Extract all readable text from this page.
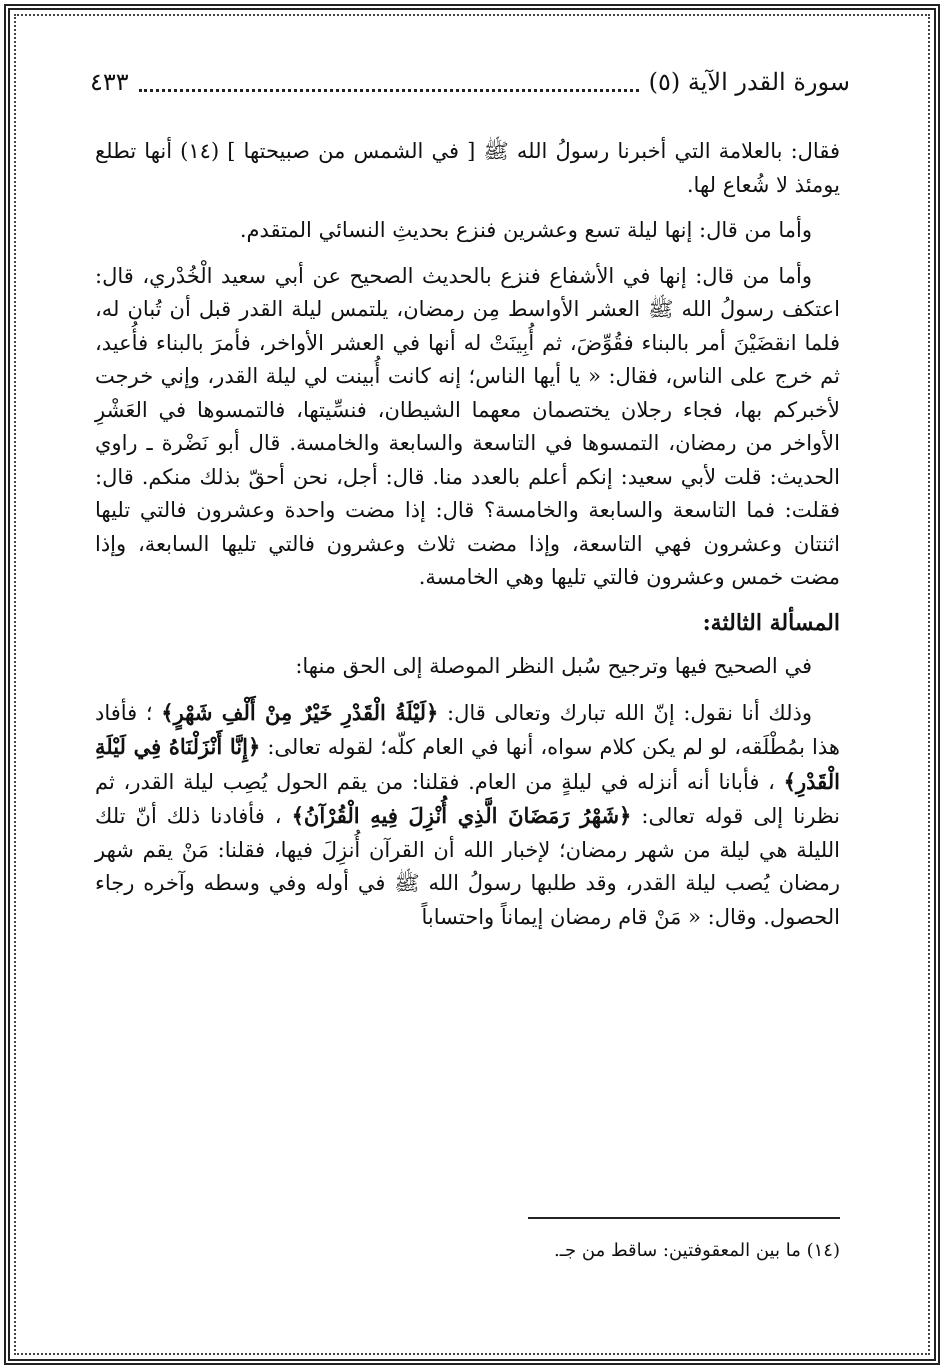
سورة القدر الآية (٥)
٤٣٣

فقال: بالعلامة التي أخبرنا رسولُ الله ﷺ [ في الشمس من صبيحتها ] (١٤) أنها تطلع يومئذ لا شُعاع لها.

وأما من قال: إنها ليلة تسع وعشرين فنزع بحديثِ النسائي المتقدم.

وأما من قال: إنها في الأشفاع فنزع بالحديث الصحيح عن أبي سعيد الْخُدْري، قال: اعتكف رسولُ الله ﷺ العشر الأواسط مِن رمضان، يلتمس ليلة القدر قبل أن تُبان له، فلما انقضَيْنَ أمر بالبناء فقُوِّضَ، ثم أُبِينَتْ له أنها في العشر الأواخر، فأمرَ بالبناء فأُعيد، ثم خرج على الناس، فقال: « يا أيها الناس؛ إنه كانت أُبينت لي ليلة القدر، وإني خرجت لأخبركم بها، فجاء رجلان يختصمان معهما الشيطان، فنسِّيتها، فالتمسوها في العَشْرِ الأواخر من رمضان، التمسوها في التاسعة والسابعة والخامسة. قال أبو نَضْرة ـ راوي الحديث: قلت لأبي سعيد: إنكم أعلم بالعدد منا. قال: أجل، نحن أحقّ بذلك منكم. قال: فقلت: فما التاسعة والسابعة والخامسة؟ قال: إذا مضت واحدة وعشرون فالتي تليها اثنتان وعشرون فهي التاسعة، وإذا مضت ثلاث وعشرون فالتي تليها السابعة، وإذا مضت خمس وعشرون فالتي تليها وهي الخامسة.

المسألة الثالثة:

في الصحيح فيها وترجيح سُبل النظر الموصلة إلى الحق منها:

وذلك أنا نقول: إنّ الله تبارك وتعالى قال: ﴿لَيْلَةُ الْقَدْرِ خَيْرٌ مِنْ أَلْفِ شَهْرٍ﴾ ؛ فأفاد هذا بمُطْلَقه، لو لم يكن كلام سواه، أنها في العام كلّه؛ لقوله تعالى: ﴿إِنَّا أَنْزَلْنَاهُ فِي لَيْلَةِ الْقَدْرِ﴾ ، فأبانا أنه أنزله في ليلةٍ من العام. فقلنا: من يقم الحول يُصِب ليلة القدر، ثم نظرنا إلى قوله تعالى: ﴿شَهْرُ رَمَضَانَ الَّذِي أُنْزِلَ فِيهِ الْقُرْآنُ﴾ ، فأفادنا ذلك أنّ تلك الليلة هي ليلة من شهر رمضان؛ لإخبار الله أن القرآن أُنزِلَ فيها، فقلنا: مَنْ يقم شهر رمضان يُصب ليلة القدر، وقد طلبها رسولُ الله ﷺ في أوله وفي وسطه وآخره رجاء الحصول. وقال: « مَنْ قام رمضان إيماناً واحتساباً

(١٤) ما بين المعقوفتين: ساقط من جـ.
